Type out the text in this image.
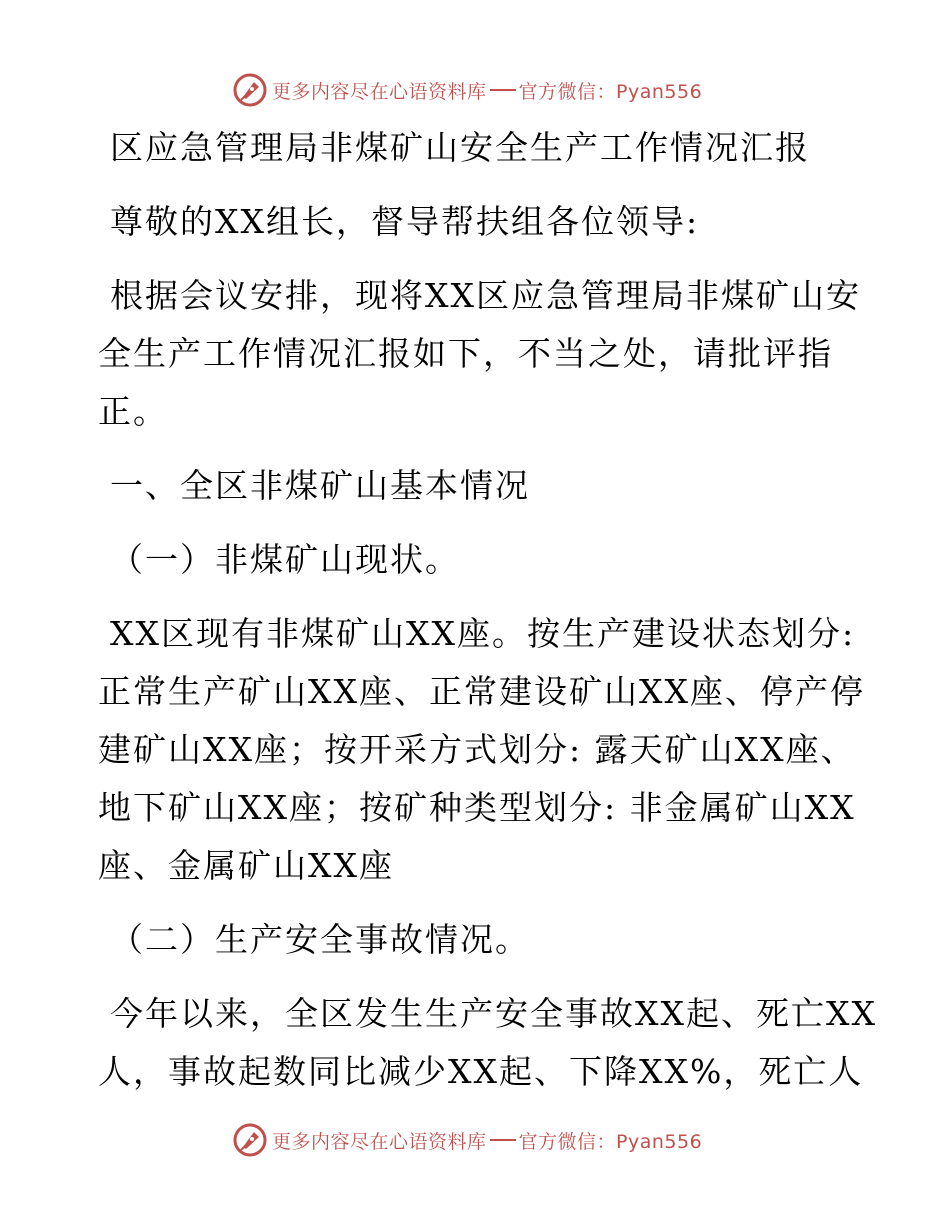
更多内容尽在心语资料库 官方微信：Pyan556
区应急管理局非煤矿山安全生产工作情况汇报
尊敬的XX组长，督导帮扶组各位领导:
根据会议安排，现将XX区应急管理局非煤矿山安
全生产工作情况汇报如下，不当之处，请批评指
正。
一、全区非煤矿山基本情况
（一）非煤矿山现状。
XX区现有非煤矿山XX座。按生产建设状态划分:
正常生产矿山XX座、正常建设矿山XX座、停产停
建矿山XX座；按开采方式划分: 露天矿山XX座、
地下矿山XX座；按矿种类型划分: 非金属矿山XX
座、金属矿山XX座
（二）生产安全事故情况。
今年以来，全区发生生产安全事故XX起、死亡XX
人，事故起数同比减少XX起、下降XX%，死亡人
更多内容尽在心语资料库 官方微信：Pyan556
